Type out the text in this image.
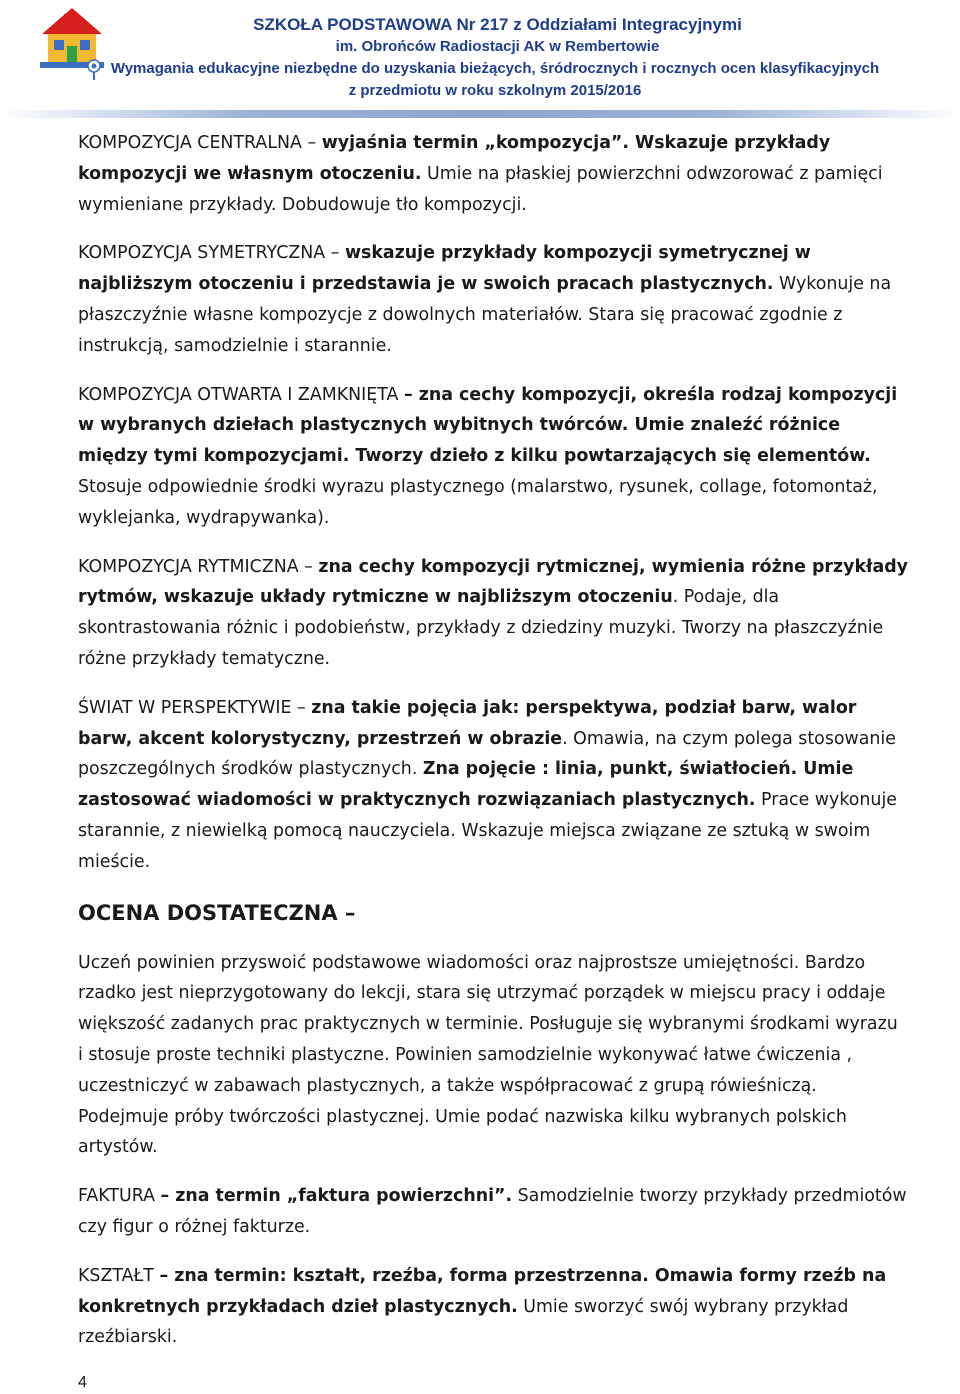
SZKOŁA PODSTAWOWA Nr 217 z Oddziałami Integracyjnymi

im. Obrońców Radiostacji AK w Rembertowie

Wymagania edukacyjne niezbędne do uzyskania bieżących, śródrocznych i rocznych ocen klasyfikacyjnych

z przedmiotu w roku szkolnym 2015/2016

KOMPOZYCJA CENTRALNA – wyjaśnia termin „kompozycja”. Wskazuje przykłady kompozycji we własnym otoczeniu. Umie na płaskiej powierzchni odwzorować z pamięci wymieniane przykłady. Dobudowuje tło kompozycji.

KOMPOZYCJA SYMETRYCZNA – wskazuje przykłady kompozycji symetrycznej w najbliższym otoczeniu i przedstawia je w swoich pracach plastycznych. Wykonuje na płaszczyźnie własne kompozycje z dowolnych materiałów. Stara się pracować zgodnie z instrukcją, samodzielnie i starannie.

KOMPOZYCJA OTWARTA I ZAMKNIĘTA – zna cechy kompozycji, określa rodzaj kompozycji w wybranych dziełach plastycznych wybitnych twórców. Umie znaleźć różnice między tymi kompozycjami. Tworzy dzieło z kilku powtarzających się elementów. Stosuje odpowiednie środki wyrazu plastycznego (malarstwo, rysunek, collage, fotomontaż, wyklejanka, wydrapywanka).

KOMPOZYCJA RYTMICZNA – zna cechy kompozycji rytmicznej, wymienia różne przykłady rytmów, wskazuje układy rytmiczne w najbliższym otoczeniu. Podaje, dla skontrastowania różnic i podobieństw, przykłady z dziedziny muzyki. Tworzy na płaszczyźnie różne przykłady tematyczne.

ŚWIAT W PERSPEKTYWIE – zna takie pojęcia jak: perspektywa, podział barw, walor barw, akcent kolorystyczny, przestrzeń w obrazie. Omawia, na czym polega stosowanie poszczególnych środków plastycznych. Zna pojęcie : linia, punkt, światłocień. Umie zastosować wiadomości w praktycznych rozwiązaniach plastycznych. Prace wykonuje starannie, z niewielką pomocą nauczyciela. Wskazuje miejsca związane ze sztuką w swoim mieście.

OCENA DOSTATECZNA –

Uczeń powinien przyswoić podstawowe wiadomości oraz najprostsze umiejętności. Bardzo rzadko jest nieprzygotowany do lekcji, stara się utrzymać porządek w miejscu pracy i oddaje większość zadanych prac praktycznych w terminie. Posługuje się wybranymi środkami wyrazu i stosuje proste techniki plastyczne. Powinien samodzielnie wykonywać łatwe ćwiczenia , uczestniczyć w zabawach plastycznych, a także współpracować z grupą rówieśniczą. Podejmuje próby twórczości plastycznej. Umie podać nazwiska kilku wybranych polskich artystów.

FAKTURA – zna termin „faktura powierzchni”. Samodzielnie tworzy przykłady przedmiotów czy figur o różnej fakturze.

KSZTAŁT – zna termin: kształt, rzeźba, forma przestrzenna. Omawia formy rzeźb na konkretnych przykładach dzieł plastycznych. Umie sworzyć swój wybrany przykład rzeźbiarski.

4
